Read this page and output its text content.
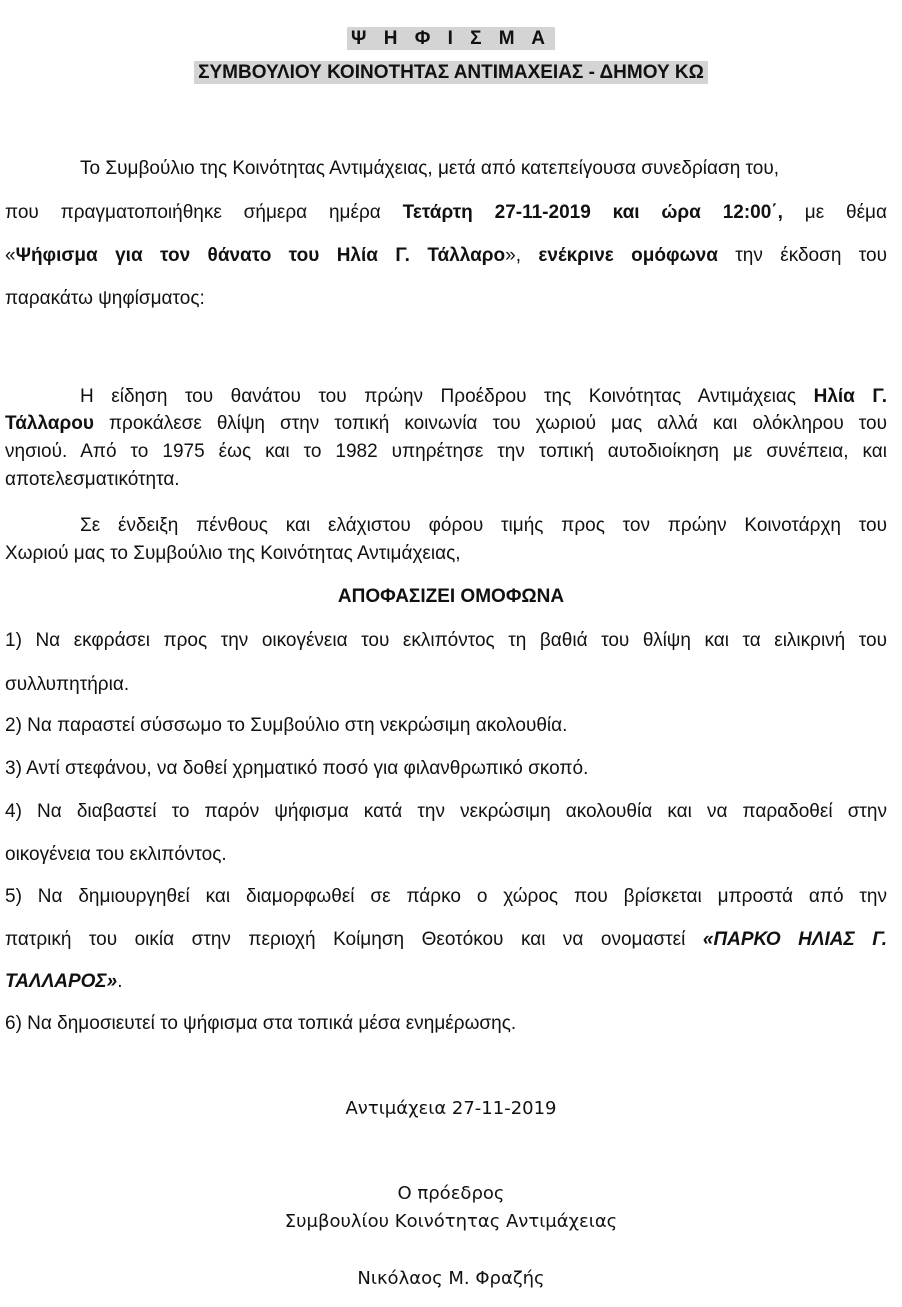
Ψ Η Φ Ι Σ Μ Α
ΣΥΜΒΟΥΛΙΟΥ ΚΟΙΝΟΤΗΤΑΣ ΑΝΤΙΜΑΧΕΙΑΣ - ΔΗΜΟΥ ΚΩ
Το Συμβούλιο της Κοινότητας Αντιμάχειας, μετά από κατεπείγουσα συνεδρίαση του,
που πραγματοποιήθηκε σήμερα ημέρα Τετάρτη 27-11-2019 και ώρα 12:00΄, με θέμα
«Ψήφισμα για τον θάνατο του Ηλία Γ. Τάλλαρο», ενέκρινε ομόφωνα την έκδοση του
παρακάτω ψηφίσματος:
Η είδηση του θανάτου του πρώην Προέδρου της Κοινότητας Αντιμάχειας Ηλία Γ.
Τάλλαρου προκάλεσε θλίψη στην τοπική κοινωνία του χωριού μας αλλά και ολόκληρου του
νησιού. Από το 1975 έως και το 1982 υπηρέτησε την τοπική αυτοδιοίκηση με συνέπεια, και
αποτελεσματικότητα.
Σε ένδειξη πένθους και ελάχιστου φόρου τιμής προς τον πρώην Κοινοτάρχη του
Χωριού μας το Συμβούλιο της Κοινότητας Αντιμάχειας,
ΑΠΟΦΑΣΙΖΕΙ ΟΜΟΦΩΝΑ
1) Να εκφράσει προς την οικογένεια του εκλιπόντος τη βαθιά του θλίψη και τα ειλικρινή του
συλλυπητήρια.
2) Να παραστεί σύσσωμο το Συμβούλιο στη νεκρώσιμη ακολουθία.
3) Αντί στεφάνου, να δοθεί χρηματικό ποσό για φιλανθρωπικό σκοπό.
4) Να διαβαστεί το παρόν ψήφισμα κατά την νεκρώσιμη ακολουθία και να παραδοθεί στην
οικογένεια του εκλιπόντος.
5) Να δημιουργηθεί και διαμορφωθεί σε πάρκο ο χώρος που βρίσκεται μπροστά από την
πατρική του οικία στην περιοχή Κοίμηση Θεοτόκου και να ονομαστεί «ΠΑΡΚΟ ΗΛΙΑΣ Γ.
ΤΑΛΛΑΡΟΣ».
6) Να δημοσιευτεί το ψήφισμα στα τοπικά μέσα ενημέρωσης.
Αντιμάχεια 27-11-2019
Ο πρόεδρος
Συμβουλίου Κοινότητας Αντιμάχειας
Νικόλαος Μ. Φραζής
